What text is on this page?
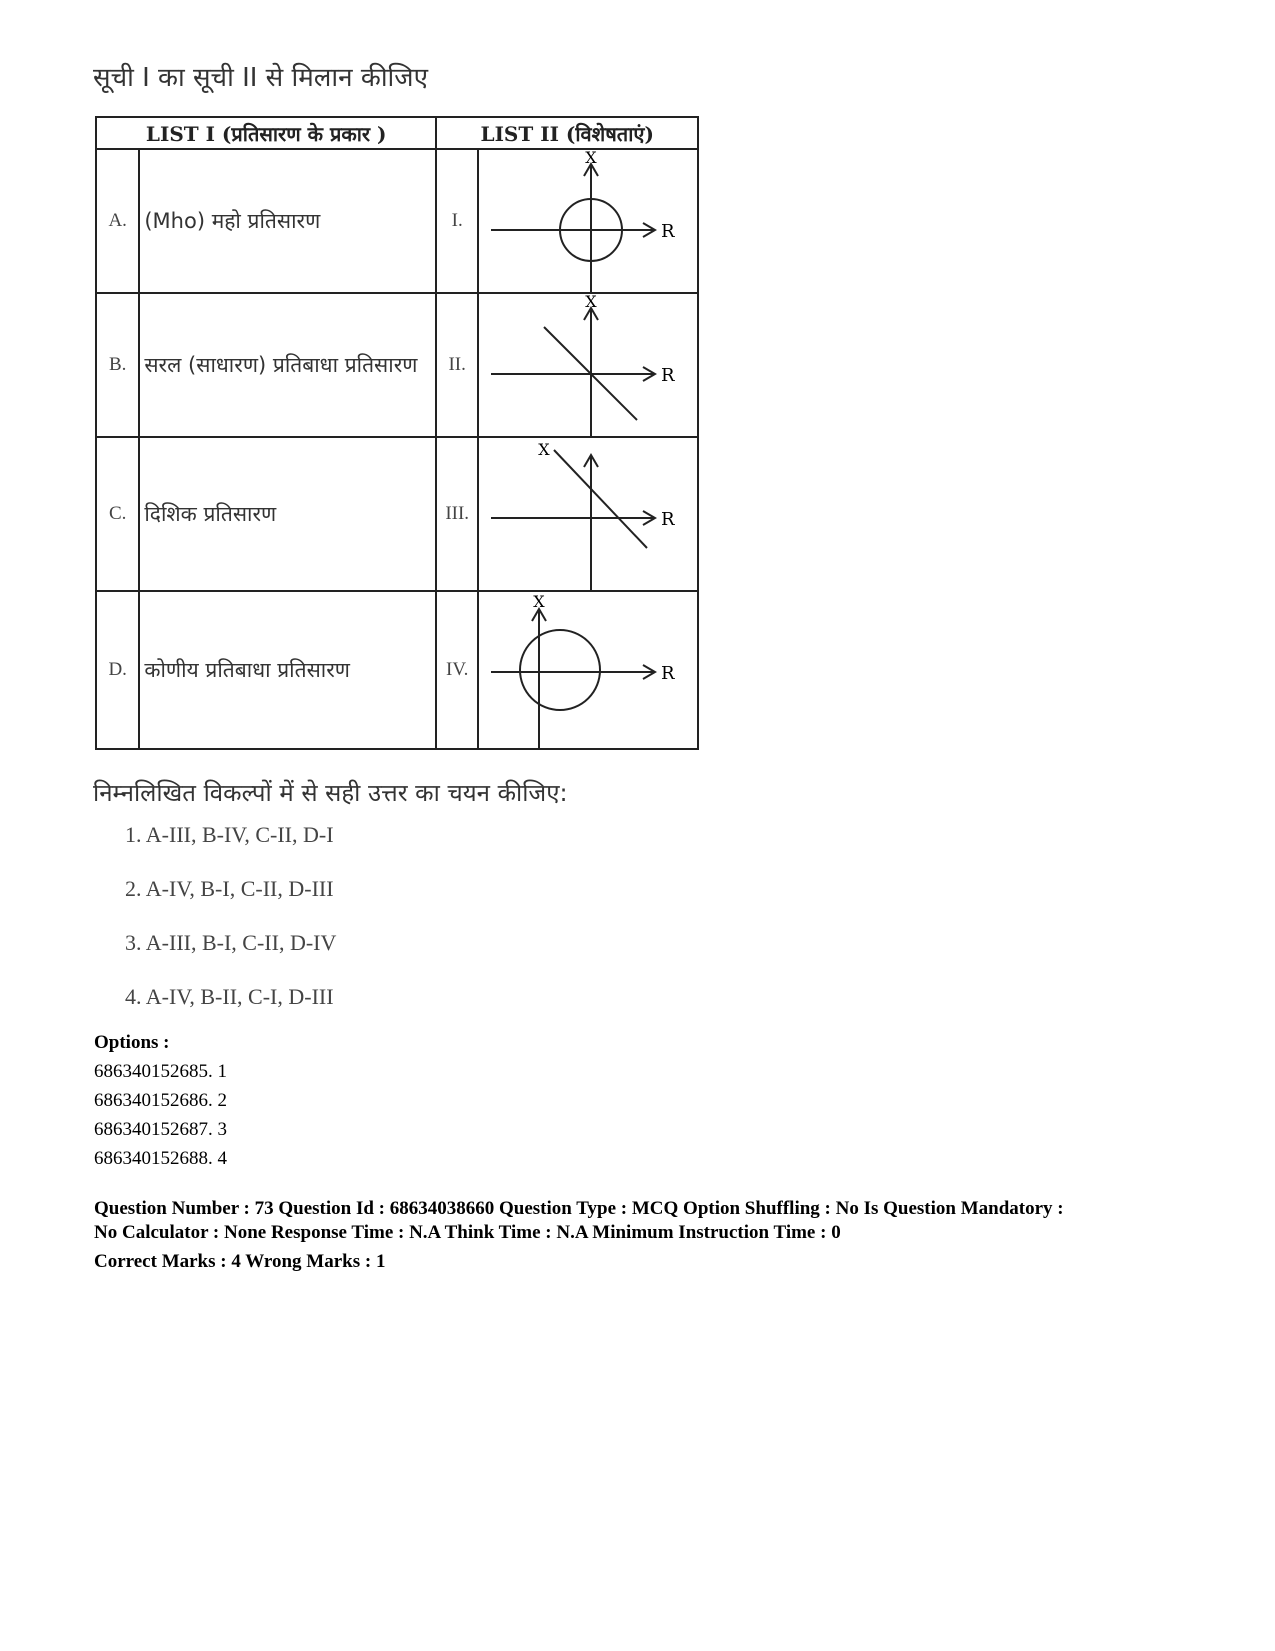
सूची I का सूची II से मिलान कीजिए
LIST I (प्रतिसारण के प्रकार )		LIST II (विशेषताएं)	
A.	(Mho) महो प्रतिसारण	I.	X
R

B.	सरल (साधारण) प्रतिबाधा प्रतिसारण	II.	X
R

C.	दिशिक प्रतिसारण	III.	X
R

D.	कोणीय प्रतिबाधा प्रतिसारण	IV.	X
R
निम्नलिखित विकल्पों में से सही उत्तर का चयन कीजिए:
1. A-III, B-IV, C-II, D-I
2. A-IV, B-I, C-II, D-III
3. A-III, B-I, C-II, D-IV
4. A-IV, B-II, C-I, D-III
Options :
686340152685. 1
686340152686. 2
686340152687. 3
686340152688. 4
Question Number : 73 Question Id : 68634038660 Question Type : MCQ Option Shuffling : No Is Question Mandatory :
No Calculator : None Response Time : N.A Think Time : N.A Minimum Instruction Time : 0
Correct Marks : 4 Wrong Marks : 1
